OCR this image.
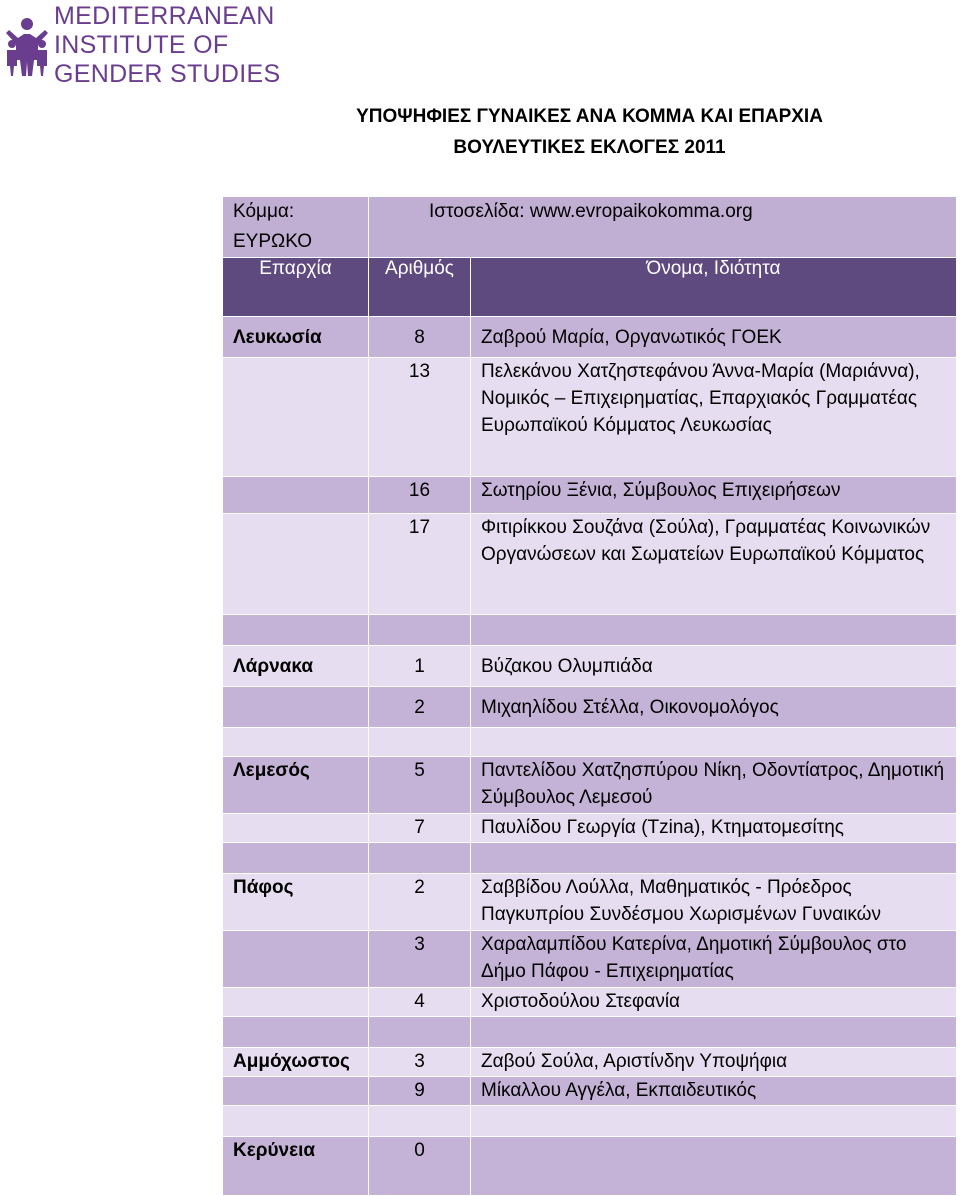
MEDITERRANEAN
INSTITUTE OF
GENDER STUDIES
ΥΠΟΨΗΦΙΕΣ ΓΥΝΑΙΚΕΣ ΑΝΑ ΚΟΜΜΑ ΚΑΙ ΕΠΑΡΧΙΑ
ΒΟΥΛΕΥΤΙΚΕΣ ΕΚΛΟΓΕΣ 2011
Κόμμα: ΕΥΡΩΚΟ	Ιστοσελίδα: www.evropaikokomma.org	
Επαρχία	Αριθμός	Όνομα, Ιδιότητα
Λευκωσία	8	Ζαβρού Μαρία, Οργανωτικός ΓΟΕΚ
	13	Πελεκάνου Χατζηστεφάνου Άννα-Μαρία (Μαριάννα), Νομικός – Επιχειρηματίας, Επαρχιακός Γραμματέας Ευρωπαϊκού Κόμματος Λευκωσίας
	16	Σωτηρίου Ξένια, Σύμβουλος Επιχειρήσεων
	17	Φιτιρίκκου Σουζάνα (Σούλα), Γραμματέας Κοινωνικών Οργανώσεων και Σωματείων Ευρωπαϊκού Κόμματος

Λάρνακα	1	Βύζακου Ολυμπιάδα
	2	Μιχαηλίδου Στέλλα, Οικονομολόγος

Λεμεσός	5	Παντελίδου Χατζησπύρου Νίκη, Οδοντίατρος, Δημοτική Σύμβουλος Λεμεσού
	7	Παυλίδου Γεωργία (Tzina), Κτηματομεσίτης

Πάφος	2	Σαββίδου Λούλλα, Μαθηματικός - Πρόεδρος Παγκυπρίου Συνδέσμου Χωρισμένων Γυναικών
	3	Χαραλαμπίδου Κατερίνα, Δημοτική Σύμβουλος στο Δήμο Πάφου - Επιχειρηματίας
	4	Χριστοδούλου Στεφανία

Αμμόχωστος	3	Ζαβού Σούλα, Αριστίνδην Υποψήφια
	9	Μίκαλλου Αγγέλα, Εκπαιδευτικός

Κερύνεια	0	
